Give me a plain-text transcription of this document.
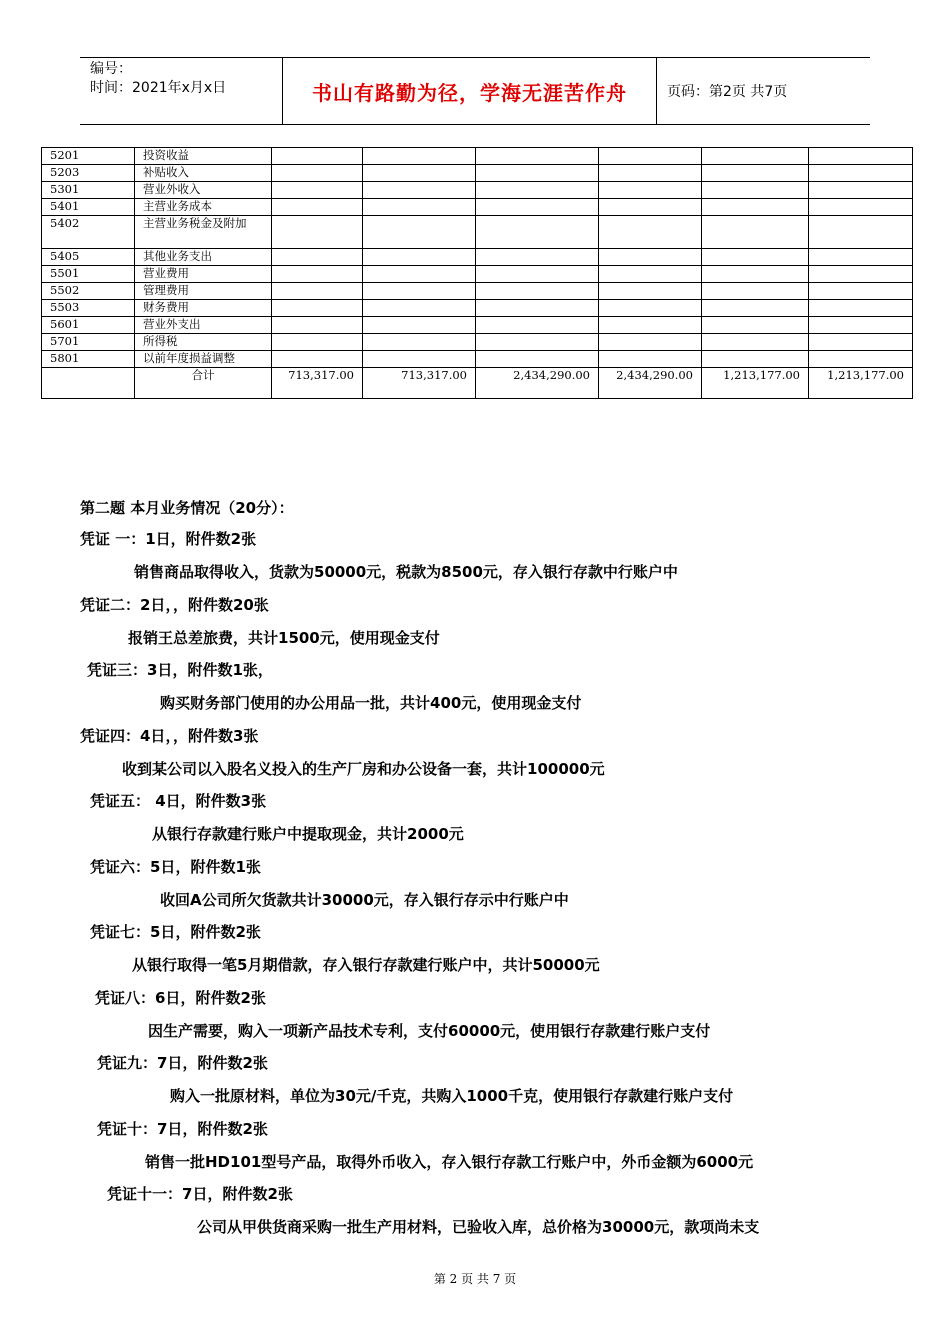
编号：
时间：2021年x月x日	书山有路勤为径，学海无涯苦作舟	页码：第2页 共7页
5201	投资收益						
5203	补贴收入						
5301	营业外收入						
5401	主营业务成本						
5402	主营业务税金及附加						
5405	其他业务支出						
5501	营业费用						
5502	管理费用						
5503	财务费用						
5601	营业外支出						
5701	所得税						
5801	以前年度损益调整						
	合计	713,317.00	713,317.00	2,434,290.00	2,434,290.00	1,213,177.00	1,213,177.00
第二题 本月业务情况（20分）：
凭证 一：1日，附件数2张
销售商品取得收入，货款为50000元，税款为8500元，存入银行存款中行账户中
凭证二：2日，，附件数20张
报销王总差旅费，共计1500元，使用现金支付
凭证三：3日，附件数1张，
购买财务部门使用的办公用品一批，共计400元，使用现金支付
凭证四：4日，，附件数3张
收到某公司以入股名义投入的生产厂房和办公设备一套，共计100000元
凭证五： 4日，附件数3张
从银行存款建行账户中提取现金，共计2000元
凭证六：5日，附件数1张
收回A公司所欠货款共计30000元，存入银行存示中行账户中
凭证七：5日，附件数2张
从银行取得一笔5月期借款，存入银行存款建行账户中，共计50000元
凭证八：6日，附件数2张
因生产需要，购入一项新产品技术专利，支付60000元，使用银行存款建行账户支付
凭证九：7日，附件数2张
购入一批原材料，单位为30元/千克，共购入1000千克，使用银行存款建行账户支付
凭证十：7日，附件数2张
销售一批HD101型号产品，取得外币收入，存入银行存款工行账户中，外币金额为6000元
凭证十一：7日，附件数2张
公司从甲供货商采购一批生产用材料，已验收入库，总价格为30000元，款项尚未支
第 2 页 共 7 页
